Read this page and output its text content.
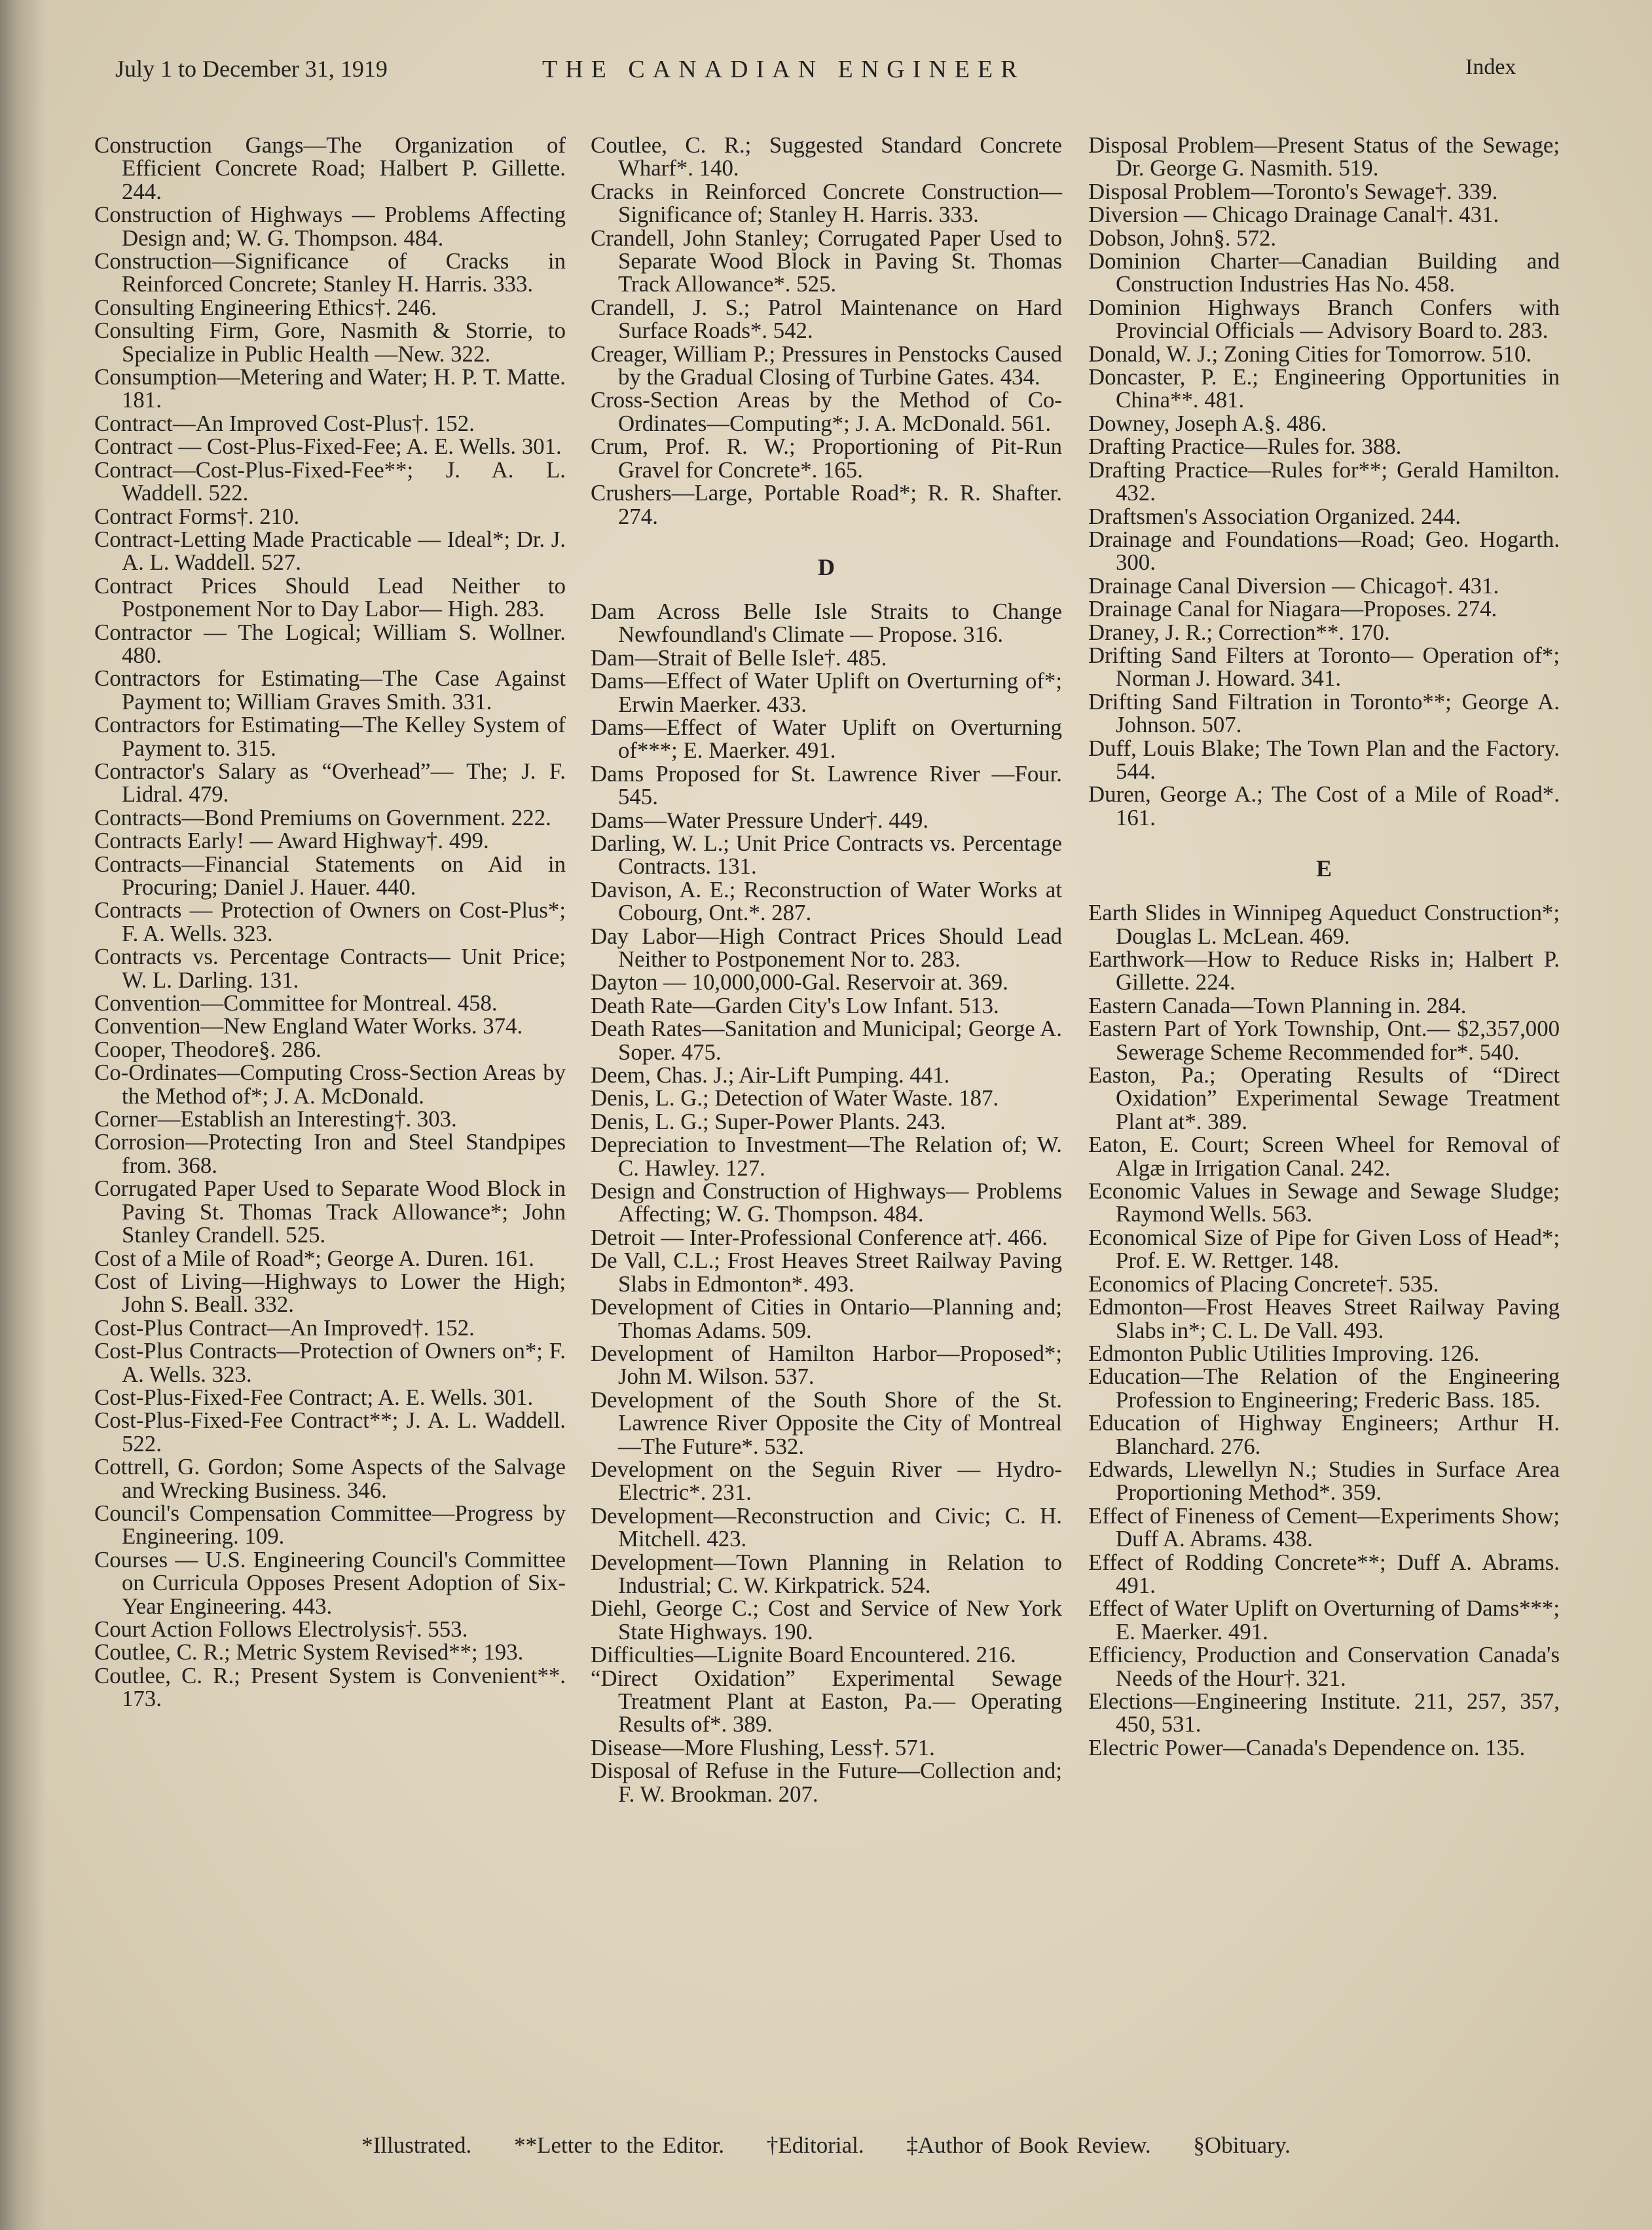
July 1 to December 31, 1919	THE CANADIAN ENGINEER	Index

Construction Gangs—The Organization of Efficient Concrete Road; Halbert P. Gillette. 244.

Construction of Highways — Problems Affecting Design and; W. G. Thompson. 484.

Construction—Significance of Cracks in Reinforced Concrete; Stanley H. Harris. 333.

Consulting Engineering Ethics†. 246.

Consulting Firm, Gore, Nasmith & Storrie, to Specialize in Public Health —New. 322.

Consumption—Metering and Water; H. P. T. Matte. 181.

Contract—An Improved Cost-Plus†. 152.

Contract — Cost-Plus-Fixed-Fee; A. E. Wells. 301.

Contract—Cost-Plus-Fixed-Fee**; J. A. L. Waddell. 522.

Contract Forms†. 210.

Contract-Letting Made Practicable — Ideal*; Dr. J. A. L. Waddell. 527.

Contract Prices Should Lead Neither to Postponement Nor to Day Labor— High. 283.

Contractor — The Logical; William S. Wollner. 480.

Contractors for Estimating—The Case Against Payment to; William Graves Smith. 331.

Contractors for Estimating—The Kelley System of Payment to. 315.

Contractor's Salary as “Overhead”— The; J. F. Lidral. 479.

Contracts—Bond Premiums on Government. 222.

Contracts Early! — Award Highway†. 499.

Contracts—Financial Statements on Aid in Procuring; Daniel J. Hauer. 440.

Contracts — Protection of Owners on Cost-Plus*; F. A. Wells. 323.

Contracts vs. Percentage Contracts— Unit Price; W. L. Darling. 131.

Convention—Committee for Montreal. 458.

Convention—New England Water Works. 374.

Cooper, Theodore§. 286.

Co-Ordinates—Computing Cross-Section Areas by the Method of*; J. A. McDonald.

Corner—Establish an Interesting†. 303.

Corrosion—Protecting Iron and Steel Standpipes from. 368.

Corrugated Paper Used to Separate Wood Block in Paving St. Thomas Track Allowance*; John Stanley Crandell. 525.

Cost of a Mile of Road*; George A. Duren. 161.

Cost of Living—Highways to Lower the High; John S. Beall. 332.

Cost-Plus Contract—An Improved†. 152.

Cost-Plus Contracts—Protection of Owners on*; F. A. Wells. 323.

Cost-Plus-Fixed-Fee Contract; A. E. Wells. 301.

Cost-Plus-Fixed-Fee Contract**; J. A. L. Waddell. 522.

Cottrell, G. Gordon; Some Aspects of the Salvage and Wrecking Business. 346.

Council's Compensation Committee—Progress by Engineering. 109.

Courses — U.S. Engineering Council's Committee on Curricula Opposes Present Adoption of Six-Year Engineering. 443.

Court Action Follows Electrolysis†. 553.

Coutlee, C. R.; Metric System Revised**; 193.

Coutlee, C. R.; Present System is Convenient**. 173.

Coutlee, C. R.; Suggested Standard Concrete Wharf*. 140.

Cracks in Reinforced Concrete Construction—Significance of; Stanley H. Harris. 333.

Crandell, John Stanley; Corrugated Paper Used to Separate Wood Block in Paving St. Thomas Track Allowance*. 525.

Crandell, J. S.; Patrol Maintenance on Hard Surface Roads*. 542.

Creager, William P.; Pressures in Penstocks Caused by the Gradual Closing of Turbine Gates. 434.

Cross-Section Areas by the Method of Co-Ordinates—Computing*; J. A. McDonald. 561.

Crum, Prof. R. W.; Proportioning of Pit-Run Gravel for Concrete*. 165.

Crushers—Large, Portable Road*; R. R. Shafter. 274.

D

Dam Across Belle Isle Straits to Change Newfoundland's Climate — Propose. 316.

Dam—Strait of Belle Isle†. 485.

Dams—Effect of Water Uplift on Overturning of*; Erwin Maerker. 433.

Dams—Effect of Water Uplift on Overturning of***; E. Maerker. 491.

Dams Proposed for St. Lawrence River —Four. 545.

Dams—Water Pressure Under†. 449.

Darling, W. L.; Unit Price Contracts vs. Percentage Contracts. 131.

Davison, A. E.; Reconstruction of Water Works at Cobourg, Ont.*. 287.

Day Labor—High Contract Prices Should Lead Neither to Postponement Nor to. 283.

Dayton — 10,000,000-Gal. Reservoir at. 369.

Death Rate—Garden City's Low Infant. 513.

Death Rates—Sanitation and Municipal; George A. Soper. 475.

Deem, Chas. J.; Air-Lift Pumping. 441.

Denis, L. G.; Detection of Water Waste. 187.

Denis, L. G.; Super-Power Plants. 243.

Depreciation to Investment—The Relation of; W. C. Hawley. 127.

Design and Construction of Highways— Problems Affecting; W. G. Thompson. 484.

Detroit — Inter-Professional Conference at†. 466.

De Vall, C.L.; Frost Heaves Street Railway Paving Slabs in Edmonton*. 493.

Development of Cities in Ontario—Planning and; Thomas Adams. 509.

Development of Hamilton Harbor—Proposed*; John M. Wilson. 537.

Development of the South Shore of the St. Lawrence River Opposite the City of Montreal—The Future*. 532.

Development on the Seguin River — Hydro-Electric*. 231.

Development—Reconstruction and Civic; C. H. Mitchell. 423.

Development—Town Planning in Relation to Industrial; C. W. Kirkpatrick. 524.

Diehl, George C.; Cost and Service of New York State Highways. 190.

Difficulties—Lignite Board Encountered. 216.

“Direct Oxidation” Experimental Sewage Treatment Plant at Easton, Pa.— Operating Results of*. 389.

Disease—More Flushing, Less†. 571.

Disposal of Refuse in the Future—Collection and; F. W. Brookman. 207.

Disposal Problem—Present Status of the Sewage; Dr. George G. Nasmith. 519.

Disposal Problem—Toronto's Sewage†. 339.

Diversion — Chicago Drainage Canal†. 431.

Dobson, John§. 572.

Dominion Charter—Canadian Building and Construction Industries Has No. 458.

Dominion Highways Branch Confers with Provincial Officials — Advisory Board to. 283.

Donald, W. J.; Zoning Cities for Tomorrow. 510.

Doncaster, P. E.; Engineering Opportunities in China**. 481.

Downey, Joseph A.§. 486.

Drafting Practice—Rules for. 388.

Drafting Practice—Rules for**; Gerald Hamilton. 432.

Draftsmen's Association Organized. 244.

Drainage and Foundations—Road; Geo. Hogarth. 300.

Drainage Canal Diversion — Chicago†. 431.

Drainage Canal for Niagara—Proposes. 274.

Draney, J. R.; Correction**. 170.

Drifting Sand Filters at Toronto— Operation of*; Norman J. Howard. 341.

Drifting Sand Filtration in Toronto**; George A. Johnson. 507.

Duff, Louis Blake; The Town Plan and the Factory. 544.

Duren, George A.; The Cost of a Mile of Road*. 161.

E

Earth Slides in Winnipeg Aqueduct Construction*; Douglas L. McLean. 469.

Earthwork—How to Reduce Risks in; Halbert P. Gillette. 224.

Eastern Canada—Town Planning in. 284.

Eastern Part of York Township, Ont.— $2,357,000 Sewerage Scheme Recommended for*. 540.

Easton, Pa.; Operating Results of “Direct Oxidation” Experimental Sewage Treatment Plant at*. 389.

Eaton, E. Court; Screen Wheel for Removal of Algæ in Irrigation Canal. 242.

Economic Values in Sewage and Sewage Sludge; Raymond Wells. 563.

Economical Size of Pipe for Given Loss of Head*; Prof. E. W. Rettger. 148.

Economics of Placing Concrete†. 535.

Edmonton—Frost Heaves Street Railway Paving Slabs in*; C. L. De Vall. 493.

Edmonton Public Utilities Improving. 126.

Education—The Relation of the Engineering Profession to Engineering; Frederic Bass. 185.

Education of Highway Engineers; Arthur H. Blanchard. 276.

Edwards, Llewellyn N.; Studies in Surface Area Proportioning Method*. 359.

Effect of Fineness of Cement—Experiments Show; Duff A. Abrams. 438.

Effect of Rodding Concrete**; Duff A. Abrams. 491.

Effect of Water Uplift on Overturning of Dams***; E. Maerker. 491.

Efficiency, Production and Conservation Canada's Needs of the Hour†. 321.

Elections—Engineering Institute. 211, 257, 357, 450, 531.

Electric Power—Canada's Dependence on. 135.

*Illustrated. **Letter to the Editor. †Editorial. ‡Author of Book Review. §Obituary.
